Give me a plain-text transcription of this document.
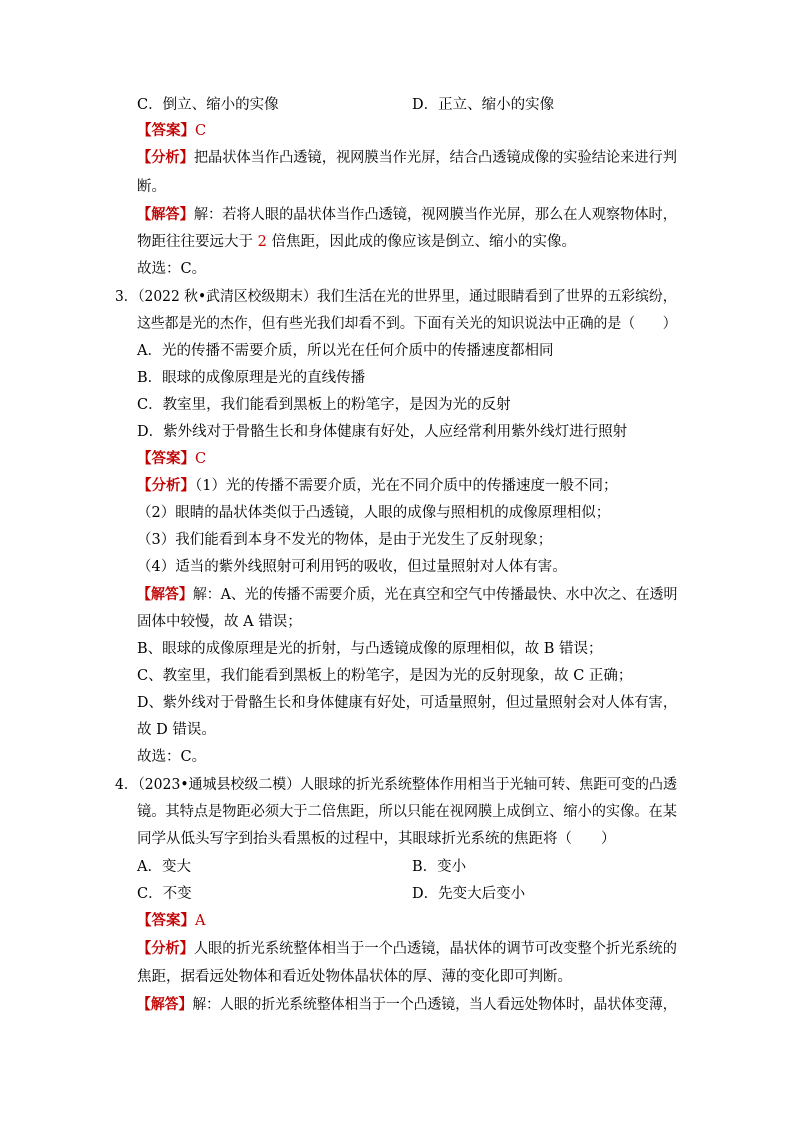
C．倒立、缩小的实像	D．正立、缩小的实像
【答案】C
【分析】把晶状体当作凸透镜，视网膜当作光屏，结合凸透镜成像的实验结论来进行判
断。
【解答】解：若将人眼的晶状体当作凸透镜，视网膜当作光屏，那么在人观察物体时，
物距往往要远大于 2 倍焦距，因此成的像应该是倒立、缩小的实像。
故选：C。
3．（2022 秋•武清区校级期末）我们生活在光的世界里，通过眼睛看到了世界的五彩缤纷，
这些都是光的杰作，但有些光我们却看不到。下面有关光的知识说法中正确的是（　　）
A．光的传播不需要介质，所以光在任何介质中的传播速度都相同
B．眼球的成像原理是光的直线传播
C．教室里，我们能看到黑板上的粉笔字，是因为光的反射
D．紫外线对于骨骼生长和身体健康有好处，人应经常利用紫外线灯进行照射
【答案】C
【分析】（1）光的传播不需要介质，光在不同介质中的传播速度一般不同；
（2）眼睛的晶状体类似于凸透镜，人眼的成像与照相机的成像原理相似；
（3）我们能看到本身不发光的物体，是由于光发生了反射现象；
（4）适当的紫外线照射可利用钙的吸收，但过量照射对人体有害。
【解答】解：A、光的传播不需要介质，光在真空和空气中传播最快、水中次之、在透明
固体中较慢，故 A 错误；
B、眼球的成像原理是光的折射，与凸透镜成像的原理相似，故 B 错误；
C、教室里，我们能看到黑板上的粉笔字，是因为光的反射现象，故 C 正确；
D、紫外线对于骨骼生长和身体健康有好处，可适量照射，但过量照射会对人体有害，
故 D 错误。
故选：C。
4．（2023•通城县校级二模）人眼球的折光系统整体作用相当于光轴可转、焦距可变的凸透
镜。其特点是物距必须大于二倍焦距，所以只能在视网膜上成倒立、缩小的实像。在某
同学从低头写字到抬头看黑板的过程中，其眼球折光系统的焦距将（　　）
A．变大	B．变小
C．不变	D．先变大后变小
【答案】A
【分析】人眼的折光系统整体相当于一个凸透镜，晶状体的调节可改变整个折光系统的
焦距，据看远处物体和看近处物体晶状体的厚、薄的变化即可判断。
【解答】解：人眼的折光系统整体相当于一个凸透镜，当人看远处物体时，晶状体变薄，
